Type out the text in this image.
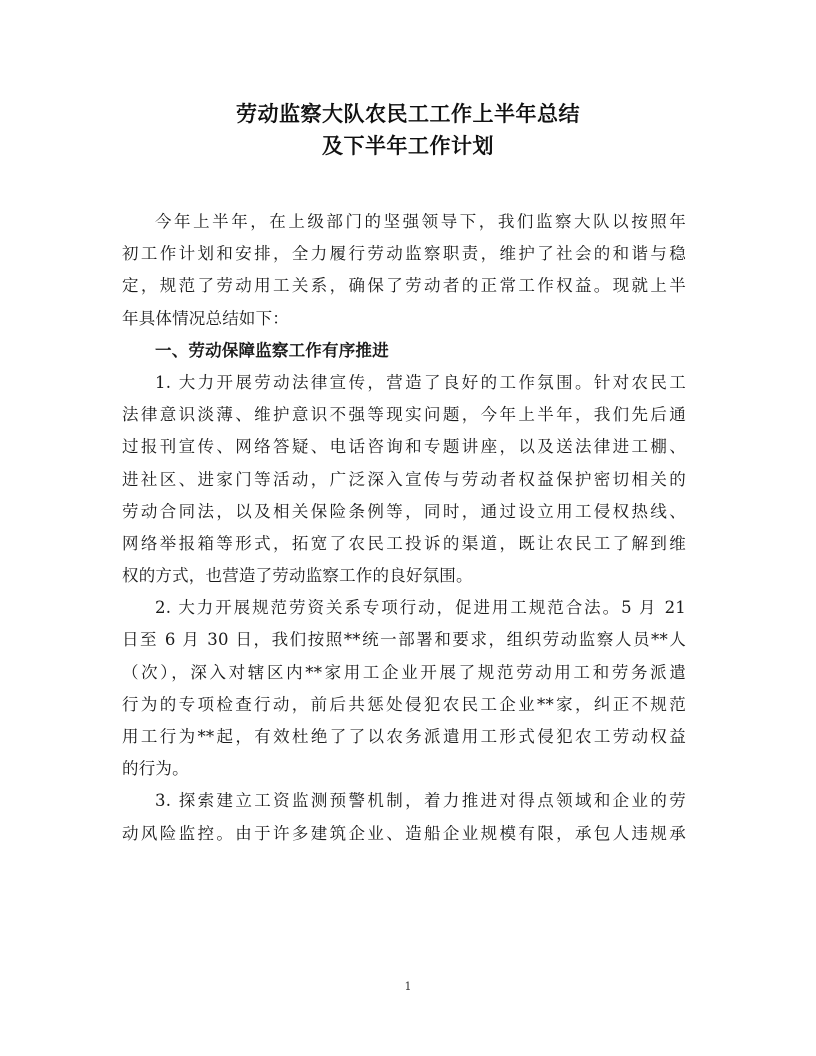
劳动监察大队农民工工作上半年总结
及下半年工作计划
今年上半年，在上级部门的坚强领导下，我们监察大队以按照年
初工作计划和安排，全力履行劳动监察职责，维护了社会的和谐与稳
定，规范了劳动用工关系，确保了劳动者的正常工作权益。现就上半
年具体情况总结如下：
一、劳动保障监察工作有序推进
1. 大力开展劳动法律宣传，营造了良好的工作氛围。针对农民工
法律意识淡薄、维护意识不强等现实问题，今年上半年，我们先后通
过报刊宣传、网络答疑、电话咨询和专题讲座，以及送法律进工棚、
进社区、进家门等活动，广泛深入宣传与劳动者权益保护密切相关的
劳动合同法，以及相关保险条例等，同时，通过设立用工侵权热线、
网络举报箱等形式，拓宽了农民工投诉的渠道，既让农民工了解到维
权的方式，也营造了劳动监察工作的良好氛围。
2. 大力开展规范劳资关系专项行动，促进用工规范合法。5 月 21
日至 6 月 30 日，我们按照**统一部署和要求，组织劳动监察人员**人
（次），深入对辖区内**家用工企业开展了规范劳动用工和劳务派遣
行为的专项检查行动，前后共惩处侵犯农民工企业**家，纠正不规范
用工行为**起，有效杜绝了了以农务派遣用工形式侵犯农工劳动权益
的行为。
3. 探索建立工资监测预警机制，着力推进对得点领域和企业的劳
动风险监控。由于许多建筑企业、造船企业规模有限，承包人违规承
1
